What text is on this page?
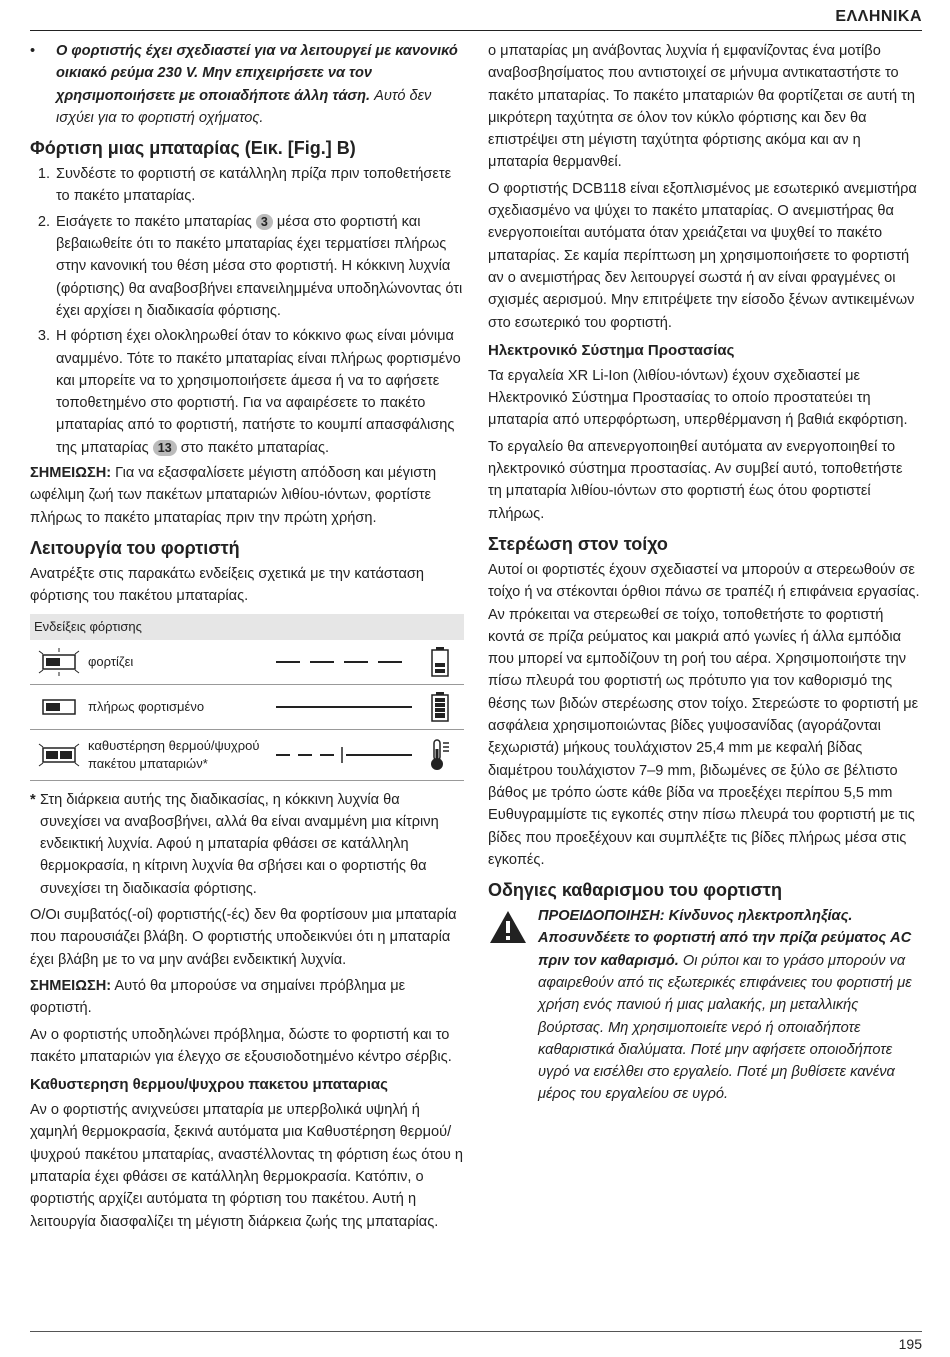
ΕΛΛΗΝΙΚΑ
•	Ο φορτιστής έχει σχεδιαστεί για να λειτουργεί με κανονικό οικιακό ρεύμα 230 V. Μην επιχειρήσετε να τον χρησιμοποιήσετε με οποιαδήποτε άλλη τάση. Αυτό δεν ισχύει για το φορτιστή οχήματος.
Φόρτιση μιας μπαταρίας (Εικ. [Fig.] B)
1. Συνδέστε το φορτιστή σε κατάλληλη πρίζα πριν τοποθετήσετε το πακέτο μπαταρίας.
2. Εισάγετε το πακέτο μπαταρίας 3 μέσα στο φορτιστή και βεβαιωθείτε ότι το πακέτο μπαταρίας έχει τερματίσει πλήρως στην κανονική του θέση μέσα στο φορτιστή. Η κόκκινη λυχνία (φόρτισης) θα αναβοσβήνει επανειλημμένα υποδηλώνοντας ότι έχει αρχίσει η διαδικασία φόρτισης.
3. Η φόρτιση έχει ολοκληρωθεί όταν το κόκκινο φως είναι μόνιμα αναμμένο. Τότε το πακέτο μπαταρίας είναι πλήρως φορτισμένο και μπορείτε να το χρησιμοποιήσετε άμεσα ή να το αφήσετε τοποθετημένο στο φορτιστή. Για να αφαιρέσετε το πακέτο μπαταρίας από το φορτιστή, πατήστε το κουμπί απασφάλισης της μπαταρίας 13 στο πακέτο μπαταρίας.

ΣΗΜΕΙΩΣΗ: Για να εξασφαλίσετε μέγιστη απόδοση και μέγιστη ωφέλιμη ζωή των πακέτων μπαταριών λιθίου-ιόντων, φορτίστε πλήρως το πακέτο μπαταρίας πριν την πρώτη χρήση.

Λειτουργία του φορτιστή

Ανατρέξτε στις παρακάτω ενδείξεις σχετικά με την κατάσταση φόρτισης του πακέτου μπαταρίας.

Ενδείξεις φόρτισης
φορτίζει
πλήρως φορτισμένο
καθυστέρηση θερμού/ψυχρού πακέτου μπαταριών*
* Στη διάρκεια αυτής της διαδικασίας, η κόκκινη λυχνία θα συνεχίσει να αναβοσβήνει, αλλά θα είναι αναμμένη μια κίτρινη ενδεικτική λυχνία. Αφού η μπαταρία φθάσει σε κατάλληλη θερμοκρασία, η κίτρινη λυχνία θα σβήσει και ο φορτιστής θα συνεχίσει τη διαδικασία φόρτισης.

Ο/Οι συμβατός(-οί) φορτιστής(-ές) δεν θα φορτίσουν μια μπαταρία που παρουσιάζει βλάβη. Ο φορτιστής υποδεικνύει ότι η μπαταρία έχει βλάβη με το να μην ανάβει ενδεικτική λυχνία.

ΣΗΜΕΙΩΣΗ: Αυτό θα μπορούσε να σημαίνει πρόβλημα με φορτιστή.

Αν ο φορτιστής υποδηλώνει πρόβλημα, δώστε το φορτιστή και το πακέτο μπαταριών για έλεγχο σε εξουσιοδοτημένο κέντρο σέρβις.

Καθυστερηση θερμου/ψυχρου πακετου μπαταριας

Αν ο φορτιστής ανιχνεύσει μπαταρία με υπερβολικά υψηλή ή χαμηλή θερμοκρασία, ξεκινά αυτόματα μια Καθυστέρηση θερμού/ψυχρού πακέτου μπαταρίας, αναστέλλοντας τη φόρτιση έως ότου η μπαταρία έχει φθάσει σε κατάλληλη θερμοκρασία. Κατόπιν, ο φορτιστής αρχίζει αυτόματα τη φόρτιση του πακέτου. Αυτή η λειτουργία διασφαλίζει τη μέγιστη διάρκεια ζωής της μπαταρίας.

ο μπαταρίας μη ανάβοντας λυχνία ή εμφανίζοντας ένα μοτίβο αναβοσβησίματος που αντιστοιχεί σε μήνυμα αντικαταστήστε το πακέτο μπαταρίας. Το πακέτο μπαταριών θα φορτίζεται σε αυτή τη μικρότερη ταχύτητα σε όλον τον κύκλο φόρτισης και δεν θα επιστρέψει στη μέγιστη ταχύτητα φόρτισης ακόμα και αν η μπαταρία θερμανθεί.

Ο φορτιστής DCB118 είναι εξοπλισμένος με εσωτερικό ανεμιστήρα σχεδιασμένο να ψύχει το πακέτο μπαταρίας. Ο ανεμιστήρας θα ενεργοποιείται αυτόματα όταν χρειάζεται να ψυχθεί το πακέτο μπαταρίας. Σε καμία περίπτωση μη χρησιμοποιήσετε το φορτιστή αν ο ανεμιστήρας δεν λειτουργεί σωστά ή αν είναι φραγμένες οι σχισμές αερισμού. Μην επιτρέψετε την είσοδο ξένων αντικειμένων στο εσωτερικό του φορτιστή.

Ηλεκτρονικό Σύστημα Προστασίας

Τα εργαλεία XR Li-Ion (λιθίου-ιόντων) έχουν σχεδιαστεί με Ηλεκτρονικό Σύστημα Προστασίας το οποίο προστατεύει τη μπαταρία από υπερφόρτωση, υπερθέρμανση ή βαθιά εκφόρτιση.

Το εργαλείο θα απενεργοποιηθεί αυτόματα αν ενεργοποιηθεί το ηλεκτρονικό σύστημα προστασίας. Αν συμβεί αυτό, τοποθετήστε τη μπαταρία λιθίου-ιόντων στο φορτιστή έως ότου φορτιστεί πλήρως.

Στερέωση στον τοίχο

Αυτοί οι φορτιστές έχουν σχεδιαστεί να μπορούν α στερεωθούν σε τοίχο ή να στέκονται όρθιοι πάνω σε τραπέζι ή επιφάνεια εργασίας. Αν πρόκειται να στερεωθεί σε τοίχο, τοποθετήστε το φορτιστή κοντά σε πρίζα ρεύματος και μακριά από γωνίες ή άλλα εμπόδια που μπορεί να εμποδίζουν τη ροή του αέρα. Χρησιμοποιήστε την πίσω πλευρά του φορτιστή ως πρότυπο για τον καθορισμό της θέσης των βιδών στερέωσης στον τοίχο. Στερεώστε το φορτιστή με ασφάλεια χρησιμοποιώντας βίδες γυψοσανίδας (αγοράζονται ξεχωριστά) μήκους τουλάχιστον 25,4 mm με κεφαλή βίδας διαμέτρου τουλάχιστον 7–9 mm, βιδωμένες σε ξύλο σε βέλτιστο βάθος με τρόπο ώστε κάθε βίδα να προεξέχει περίπου 5,5 mm Ευθυγραμμίστε τις εγκοπές στην πίσω πλευρά του φορτιστή με τις βίδες που προεξέχουν και συμπλέξτε τις βίδες πλήρως μέσα στις εγκοπές.

Οδηγιες καθαρισμου του φορτιστη
ΠΡΟΕΙΔΟΠΟΙΗΣΗ: Κίνδυνος ηλεκτροπληξίας. Αποσυνδέετε το φορτιστή από την πρίζα ρεύματος AC πριν τον καθαρισμό. Οι ρύποι και το γράσο μπορούν να αφαιρεθούν από τις εξωτερικές επιφάνειες του φορτιστή με χρήση ενός πανιού ή μιας μαλακής, μη μεταλλικής βούρτσας. Μη χρησιμοποιείτε νερό ή οποιαδήποτε καθαριστικά διαλύματα. Ποτέ μην αφήσετε οποιοδήποτε υγρό να εισέλθει στο εργαλείο. Ποτέ μη βυθίσετε κανένα μέρος του εργαλείου σε υγρό.
195
